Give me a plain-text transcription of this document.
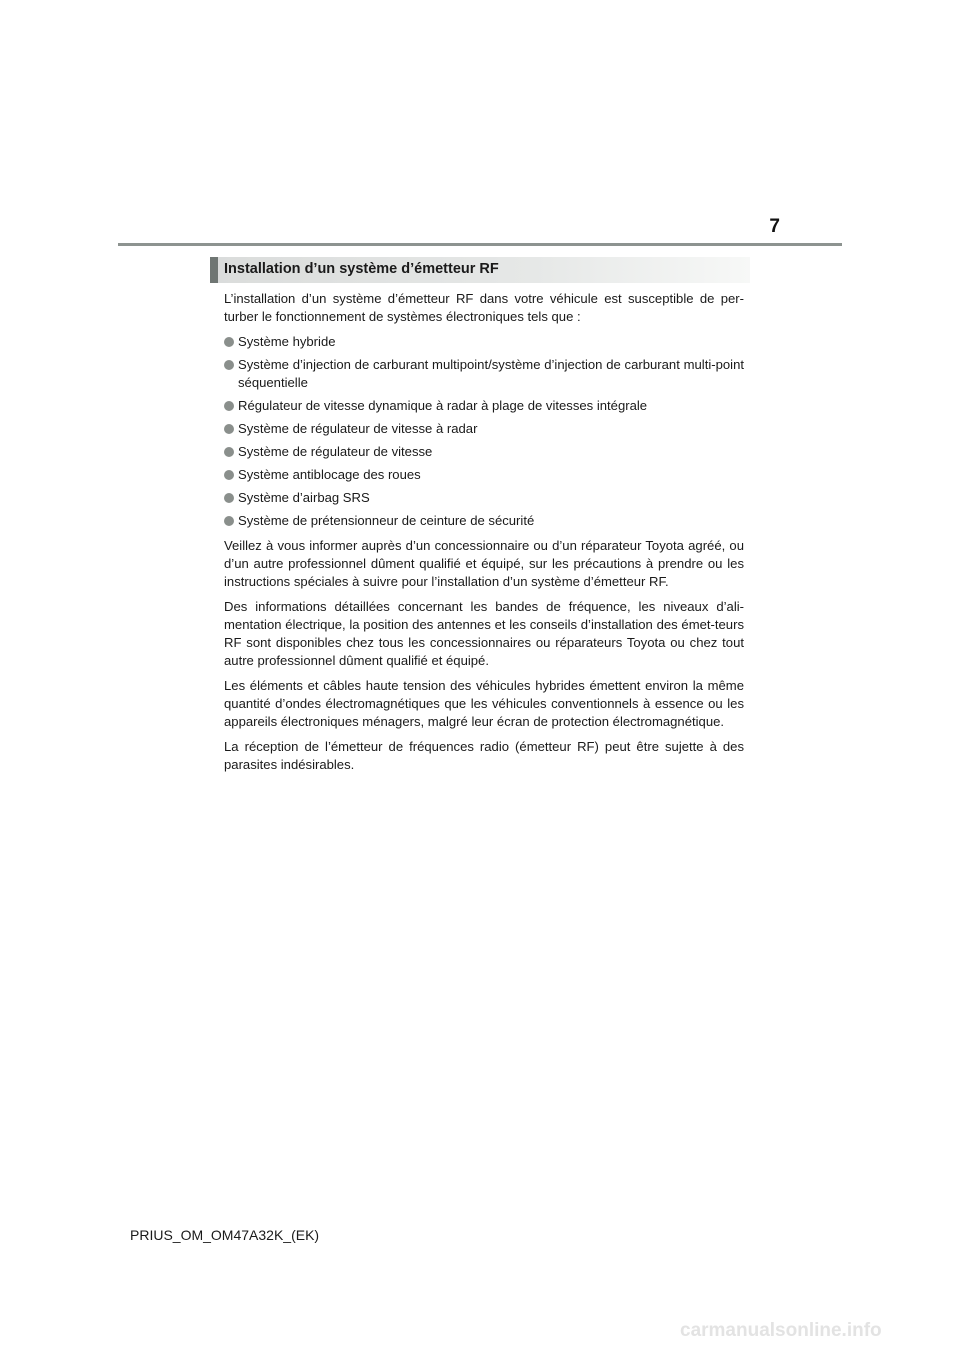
7
Installation d’un système d’émetteur RF

L’installation d’un système d’émetteur RF dans votre véhicule est susceptible de per-turber le fonctionnement de systèmes électroniques tels que :

Système hybride
Système d’injection de carburant multipoint/système d’injection de carburant multi-point séquentielle
Régulateur de vitesse dynamique à radar à plage de vitesses intégrale
Système de régulateur de vitesse à radar
Système de régulateur de vitesse
Système antiblocage des roues
Système d’airbag SRS
Système de prétensionneur de ceinture de sécurité

Veillez à vous informer auprès d’un concessionnaire ou d’un réparateur Toyota agréé, ou d’un autre professionnel dûment qualifié et équipé, sur les précautions à prendre ou les instructions spéciales à suivre pour l’installation d’un système d’émetteur RF.

Des informations détaillées concernant les bandes de fréquence, les niveaux d’ali-mentation électrique, la position des antennes et les conseils d’installation des émet-teurs RF sont disponibles chez tous les concessionnaires ou réparateurs Toyota ou chez tout autre professionnel dûment qualifié et équipé.

Les éléments et câbles haute tension des véhicules hybrides émettent environ la même quantité d’ondes électromagnétiques que les véhicules conventionnels à essence ou les appareils électroniques ménagers, malgré leur écran de protection électromagnétique.

La réception de l’émetteur de fréquences radio (émetteur RF) peut être sujette à des parasites indésirables.

PRIUS_OM_OM47A32K_(EK)
carmanualsonline.info
